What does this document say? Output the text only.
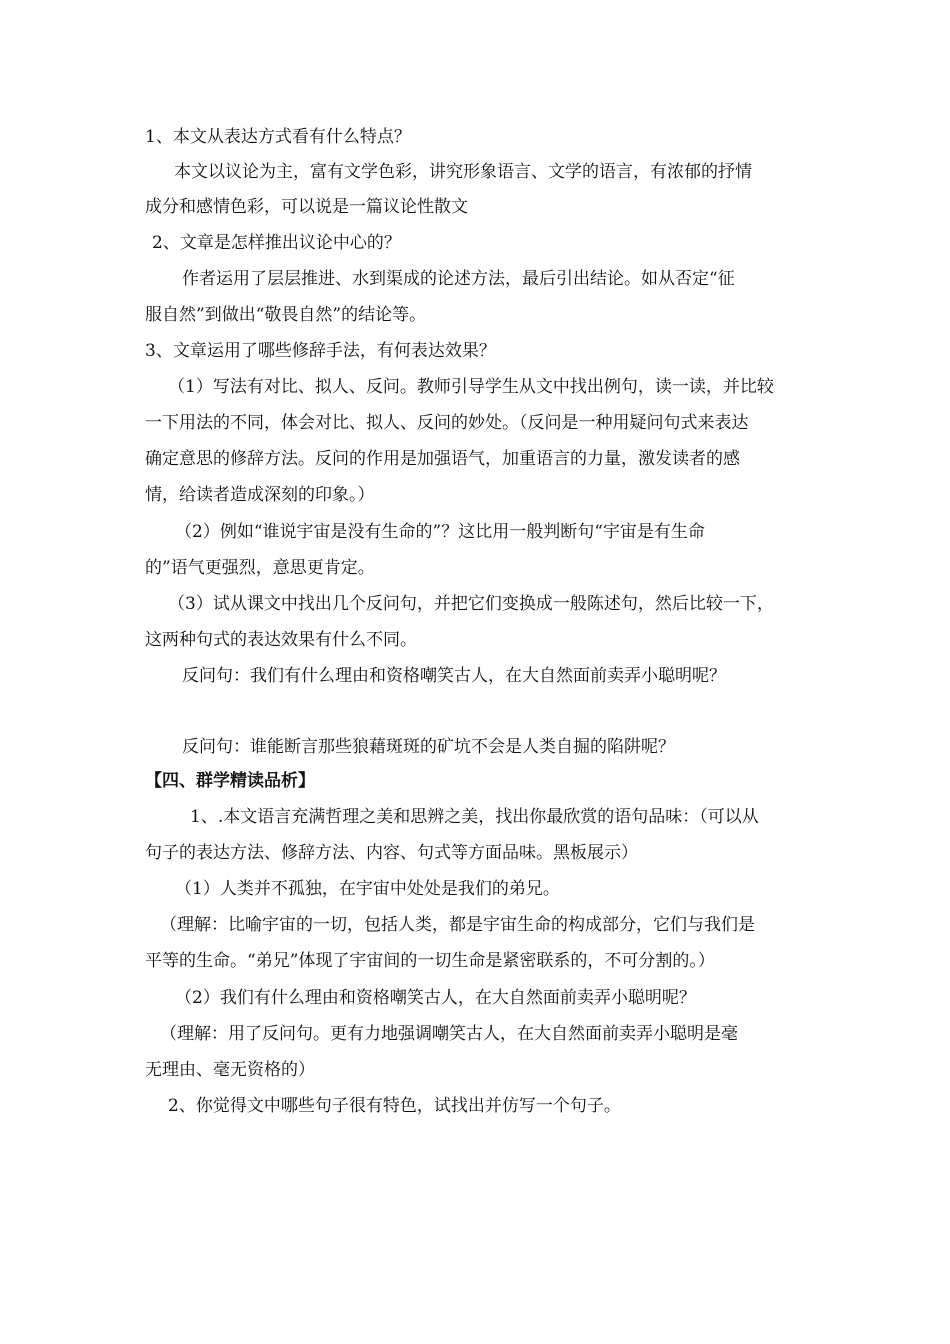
1、本文从表达方式看有什么特点？
本文以议论为主，富有文学色彩，讲究形象语言、文学的语言，有浓郁的抒情
成分和感情色彩，可以说是一篇议论性散文
2、文章是怎样推出议论中心的？
作者运用了层层推进、水到渠成的论述方法，最后引出结论。如从否定“征
服自然”到做出“敬畏自然”的结论等。
3、文章运用了哪些修辞手法，有何表达效果？
（1）写法有对比、拟人、反问。教师引导学生从文中找出例句，读一读，并比较
一下用法的不同，体会对比、拟人、反问的妙处。（反问是一种用疑问句式来表达
确定意思的修辞方法。反问的作用是加强语气，加重语言的力量，激发读者的感
情，给读者造成深刻的印象。）
（2）例如“谁说宇宙是没有生命的”？这比用一般判断句“宇宙是有生命
的”语气更强烈，意思更肯定。
（3）试从课文中找出几个反问句，并把它们变换成一般陈述句，然后比较一下，
这两种句式的表达效果有什么不同。
反问句：我们有什么理由和资格嘲笑古人，在大自然面前卖弄小聪明呢？
反问句：谁能断言那些狼藉斑斑的矿坑不会是人类自掘的陷阱呢？
【四、群学精读品析】
1、.本文语言充满哲理之美和思辨之美，找出你最欣赏的语句品味：（可以从
句子的表达方法、修辞方法、内容、句式等方面品味。黑板展示）
（1）人类并不孤独，在宇宙中处处是我们的弟兄。
（理解：比喻宇宙的一切，包括人类，都是宇宙生命的构成部分，它们与我们是
平等的生命。“弟兄”体现了宇宙间的一切生命是紧密联系的，不可分割的。）
（2）我们有什么理由和资格嘲笑古人，在大自然面前卖弄小聪明呢？
（理解：用了反问句。更有力地强调嘲笑古人，在大自然面前卖弄小聪明是毫
无理由、毫无资格的）
2、你觉得文中哪些句子很有特色，试找出并仿写一个句子。
